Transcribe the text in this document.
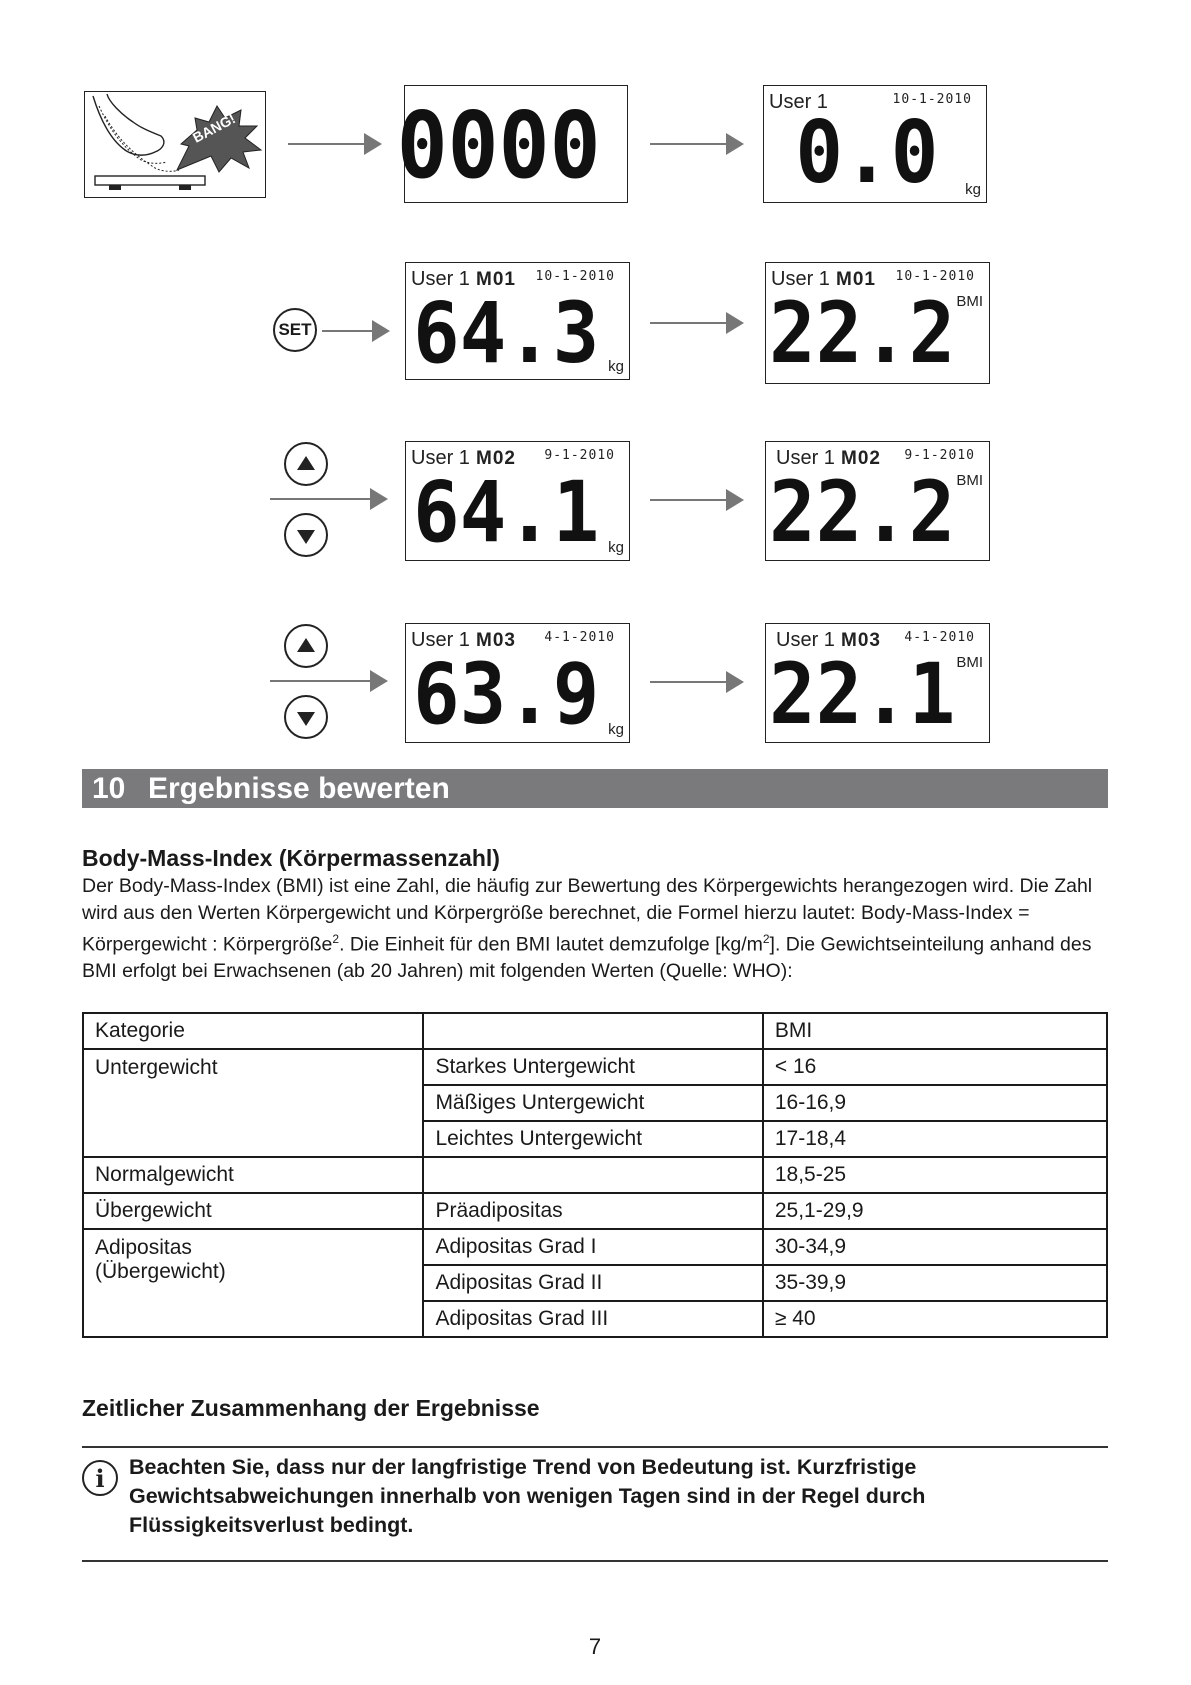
BANG! 0000	User 1	10-1-2010
0.0 kg
SET
User 1 M01 10-1-2010
64.3 kg
User 1 M01 10-1-2010
22.2 BMI
User 1 M02 9-1-2010
64.1 kg
User 1 M02 9-1-2010
22.2 BMI
User 1 M03 4-1-2010
63.9 kg
User 1 M03 4-1-2010
22.1 BMI
10 Ergebnisse bewerten
Body-Mass-Index (Körpermassenzahl)
Der Body-Mass-Index (BMI) ist eine Zahl, die häufig zur Bewertung des Körpergewichts herangezogen wird. Die Zahl wird aus den Werten Körpergewicht und Körpergröße berechnet, die Formel hierzu lautet: Body-Mass-Index = Körpergewicht : Körpergröße$^2$. Die Einheit für den BMI lautet demzufolge $[kg/m^2]$. Die Gewichtseinteilung anhand des BMI erfolgt bei Erwachsenen (ab 20 Jahren) mit folgenden Werten (Quelle: WHO):
Kategorie		BMI
Untergewicht	Starkes Untergewicht	< 16
	Mäßiges Untergewicht	16-16,9
	Leichtes Untergewicht	17-18,4
Normalgewicht		18,5-25
Übergewicht	Präadipositas	25,1-29,9

Adipositas
(Übergewicht)	Adipositas Grad I	30-34,9
	Adipositas Grad II	35-39,9
	Adipositas Grad III	≥ 40
Zeitlicher Zusammenhang der Ergebnisse
i	Beachten Sie, dass nur der langfristige Trend von Bedeutung ist. Kurzfristige Gewichtsabweichungen innerhalb von wenigen Tagen sind in der Regel durch Flüssigkeitsverlust bedingt.
7
